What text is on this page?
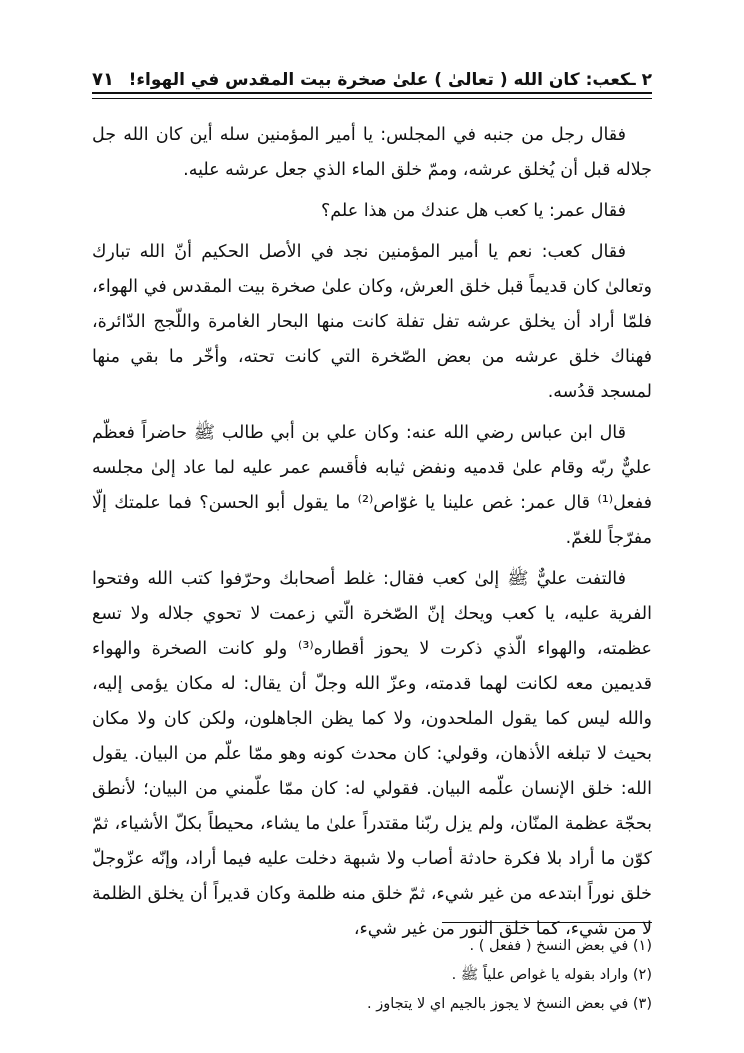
٢ ـكعب: كان الله ( تعالىٰ ) علىٰ صخرة بيت المقدس في الهواء!
٧١

فقال رجل من جنبه في المجلس: يا أمير المؤمنين سله أين كان الله جل جلاله قبل أن يُخلق عرشه، وممّ خلق الماء الذي جعل عرشه عليه.

فقال عمر: يا كعب هل عندك من هذا علم؟

فقال كعب: نعم يا أمير المؤمنين نجد في الأصل الحكيم أنّ الله تبارك وتعالىٰ كان قديماً قبل خلق العرش، وكان علىٰ صخرة بيت المقدس في الهواء، فلمّا أراد أن يخلق عرشه تفل تفلة كانت منها البحار الغامرة واللّجج الدّائرة، فهناك خلق عرشه من بعض الصّخرة التي كانت تحته، وأخّر ما بقي منها لمسجد قدُسه.

قال ابن عباس رضي الله عنه: وكان علي بن أبي طالب ﷺ حاضراً فعظّم عليٌّ ربّه وقام علىٰ قدميه ونفض ثيابه فأقسم عمر عليه لما عاد إلىٰ مجلسه ففعل⁽¹⁾ قال عمر: غص علينا يا غوّاص⁽²⁾ ما يقول أبو الحسن؟ فما علمتك إلّا مفرّجاً للغمّ.

فالتفت عليٌّ ﷺ إلىٰ كعب فقال: غلط أصحابك وحرّفوا كتب الله وفتحوا الفرية عليه، يا كعب ويحك إنّ الصّخرة الّتي زعمت لا تحوي جلاله ولا تسع عظمته، والهواء الّذي ذكرت لا يحوز أقطاره⁽³⁾ ولو كانت الصخرة والهواء قديمين معه لكانت لهما قدمته، وعزّ الله وجلّ أن يقال: له مكان يؤمى إليه، والله ليس كما يقول الملحدون، ولا كما يظن الجاهلون، ولكن كان ولا مكان بحيث لا تبلغه الأذهان، وقولي: كان محدث كونه وهو ممّا علّم من البيان. يقول الله: خلق الإنسان علّمه البيان. فقولي له: كان ممّا علّمني من البيان؛ لأنطق بحجّة عظمة المنّان، ولم يزل ربّنا مقتدراً علىٰ ما يشاء، محيطاً بكلّ الأشياء، ثمّ كوّن ما أراد بلا فكرة حادثة أصاب ولا شبهة دخلت عليه فيما أراد، وإنّه عزّوجلّ خلق نوراً ابتدعه من غير شيء، ثمّ خلق منه ظلمة وكان قديراً أن يخلق الظلمة لا من شيء، كما خلق النور من غير شيء،

(١) في بعض النسخ ( ففعل ) .
(٢) واراد بقوله يا غواص علياً ﷺ .
(٣) في بعض النسخ لا يجوز بالجيم اي لا يتجاوز .
